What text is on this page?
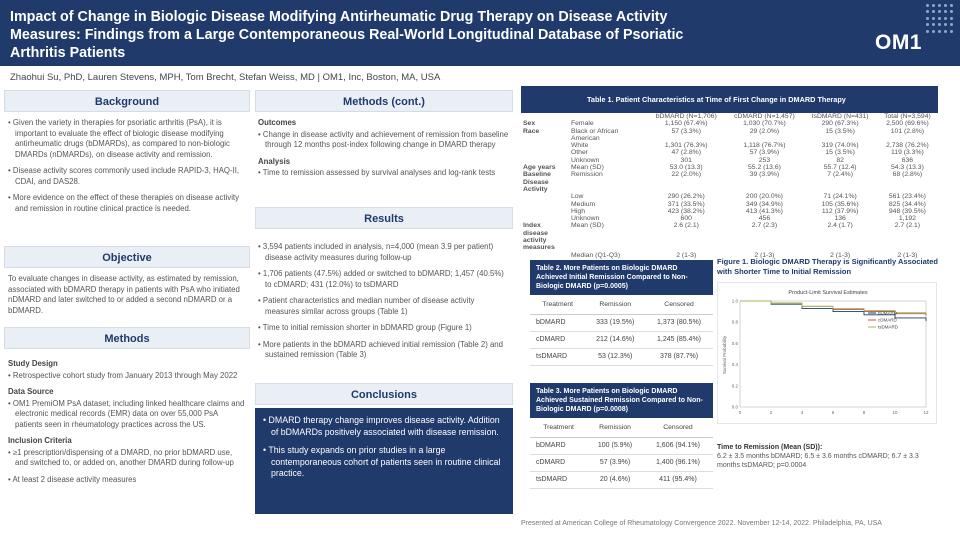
Impact of Change in Biologic Disease Modifying Antirheumatic Drug Therapy on Disease Activity Measures: Findings from a Large Contemporaneous Real-World Longitudinal Database of Psoriatic Arthritis Patients	OM1
Zhaohui Su, PhD, Lauren Stevens, MPH, Tom Brecht, Stefan Weiss, MD | OM1, Inc, Boston, MA, USA
Background
• Given the variety in therapies for psoriatic arthritis (PsA), it is important to evaluate the effect of biologic disease modifying antirheumatic drugs (bDMARDs), as compared to non-biologic DMARDs (nDMARDs), on disease activity and remission.
• Disease activity scores commonly used include RAPID-3, HAQ-II, CDAI, and DAS28.
• More evidence on the effect of these therapies on disease activity and remission in routine clinical practice is needed.
Objective
To evaluate changes in disease activity, as estimated by remission, associated with bDMARD therapy in patients with PsA who initiated nDMARD and later switched to or added a second nDMARD or a bDMARD.
Methods
Study Design
• Retrospective cohort study from January 2013 through May 2022
Data Source
• OM1 PremiOM PsA dataset, including linked healthcare claims and electronic medical records (EMR) data on over 55,000 PsA patients seen in rheumatology practices across the US.
Inclusion Criteria
• ≥1 prescription/dispensing of a DMARD, no prior bDMARD use, and switched to, or added on, another DMARD during follow-up
• At least 2 disease activity measures
Methods (cont.)
Outcomes
• Change in disease activity and achievement of remission from baseline through 12 months post-index following change in DMARD therapy
Analysis
• Time to remission assessed by survival analyses and log-rank tests
Results
• 3,594 patients included in analysis, n=4,000 (mean 3.9 per patient) disease activity measures during follow-up
• 1,706 patients (47.5%) added or switched to bDMARD; 1,457 (40.5%) to cDMARD; 431 (12.0%) to tsDMARD
• Patient characteristics and median number of disease activity measures similar across groups (Table 1)
• Time to initial remission shorter in bDMARD group (Figure 1)
• More patients in the bDMARD achieved initial remission (Table 2) and sustained remission (Table 3)
Conclusions
• DMARD therapy change improves disease activity. Addition of bDMARDs positively associated with disease remission.
• This study expands on prior studies in a large contemporaneous cohort of patients seen in routine clinical practice.
Table 1. Patient Characteristics at Time of First Change in DMARD Therapy
		bDMARD (N=1,706)	cDMARD (N=1,457)	tsDMARD (N=431)	Total (N=3,594)
Sex	Female	1,150 (67.4%)	1,030 (70.7%)	290 (67.3%)	2,500 (69.6%)
Race	Black or African American	57 (3.3%)	29 (2.0%)	15 (3.5%)	101 (2.8%)
	White	1,301 (76.3%)	1,118 (76.7%)	319 (74.0%)	2,738 (76.2%)
	Other	47 (2.8%)	57 (3.9%)	15 (3.5%)	119 (3.3%)
	Unknown	301	253	82	636
Age years	Mean (SD)	53.0 (13.3)	55.2 (13.6)	55.7 (12.4)	54.3 (13.3)
Baseline Disease Activity	Remission	22 (2.0%)	39 (3.9%)	7 (2.4%)	68 (2.8%)
	Low	290 (26.2%)	200 (20.0%)	71 (24.1%)	561 (23.4%)
	Medium	371 (33.5%)	349 (34.9%)	105 (35.6%)	825 (34.4%)
	High	423 (38.2%)	413 (41.3%)	112 (37.9%)	948 (39.5%)
	Unknown	600	456	136	1,192
Index disease activity measures	Mean (SD)	2.6 (2.1)	2.7 (2.3)	2.4 (1.7)	2.7 (2.1)
	Median (Q1-Q3)	2 (1-3)	2 (1-3)	2 (1-3)	2 (1-3)
Table 2. More Patients on Biologic DMARD Achieved Initial Remission Compared to Non-Biologic DMARD (p=0.0005)
Treatment	Remission	Censored
bDMARD	333 (19.5%)	1,373 (80.5%)
cDMARD	212 (14.6%)	1,245 (85.4%)
tsDMARD	53 (12.3%)	378 (87.7%)
Table 3. More Patients on Biologic DMARD Achieved Sustained Remission Compared to Non-Biologic DMARD (p=0.0008)
Treatment	Remission	Censored
bDMARD	100 (5.9%)	1,606 (94.1%)
cDMARD	57 (3.9%)	1,400 (96.1%)
tsDMARD	20 (4.6%)	411 (95.4%)
Figure 1. Biologic DMARD Therapy is Significantly Associated with Shorter Time to Initial Remission
Product-Limit Survival Estimates
Survival Probability
0	2	4	6	8	10	12
1.0
0.8
0.6
0.4
0.2
0.0
bDMARD
cDMARD
tsDMARD
Time to Remission (Mean (SD)):
6.2 ± 3.5 months bDMARD; 6.5 ± 3.6 months cDMARD; 6.7 ± 3.3 months tsDMARD; p=0.0004
Presented at American College of Rheumatology Convergence 2022. November 12-14, 2022. Philadelphia, PA, USA
